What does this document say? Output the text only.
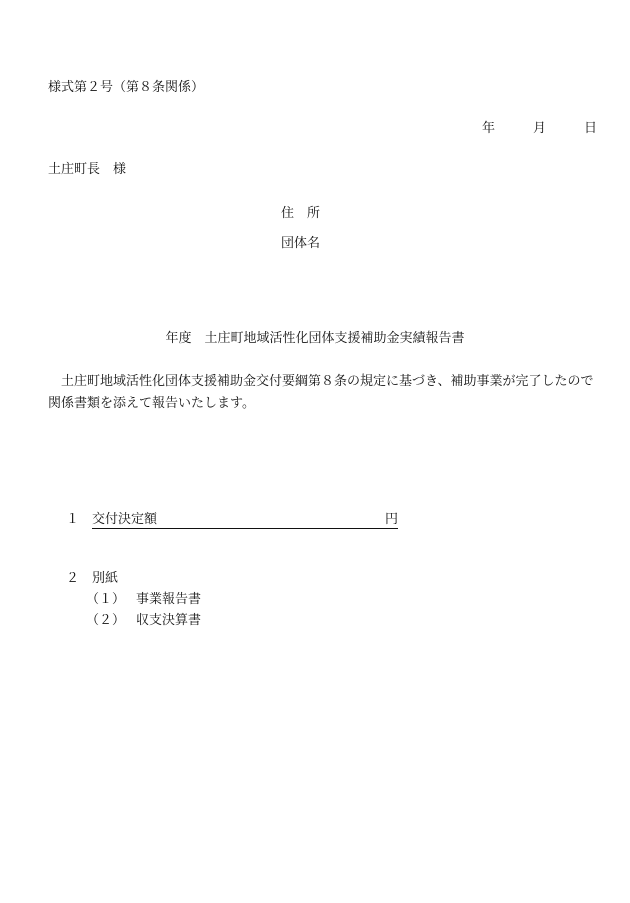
様式第２号（第８条関係）
年	月	日
土庄町長　様
住　所
団体名
年度　土庄町地域活性化団体支援補助金実績報告書
土庄町地域活性化団体支援補助金交付要綱第８条の規定に基づき、補助事業が完了したので関係書類を添えて報告いたします。
１ 交付決定額	円
２ 別紙
（１） 事業報告書
（２） 収支決算書
